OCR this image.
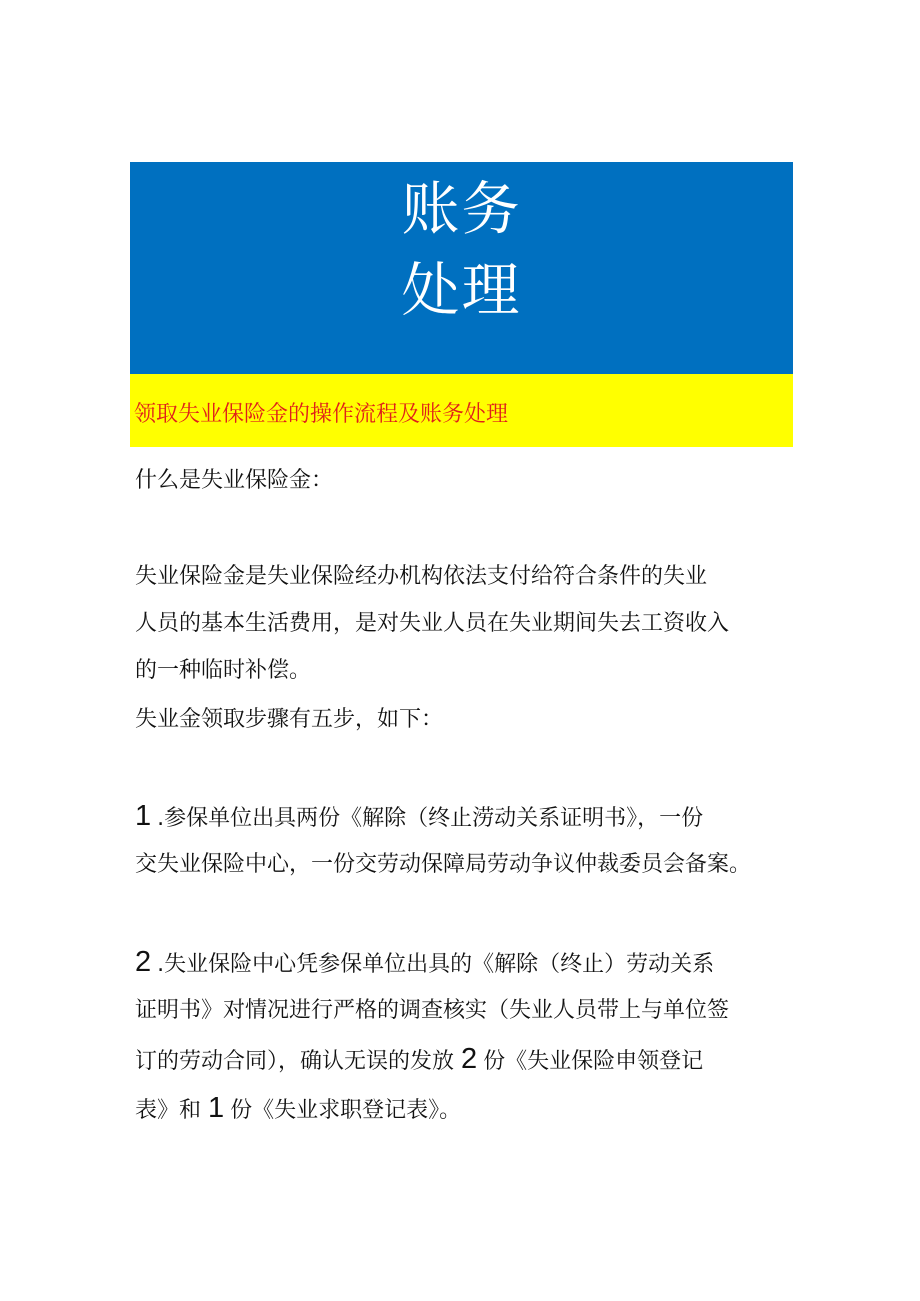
账务
处理
领取失业保险金的操作流程及账务处理
什么是失业保险金：
失业保险金是失业保险经办机构依法支付给符合条件的失业
人员的基本生活费用，是对失业人员在失业期间失去工资收入
的一种临时补偿。
失业金领取步骤有五步，如下：
1 .参保单位出具两份《解除（终止涝动关系证明书》，一份
交失业保险中心，一份交劳动保障局劳动争议仲裁委员会备案。
2 .失业保险中心凭参保单位出具的《解除（终止）劳动关系
证明书》对情况进行严格的调查核实（失业人员带上与单位签
订的劳动合同），确认无误的发放 2 份《失业保险申领登记
表》和 1 份《失业求职登记表》。
